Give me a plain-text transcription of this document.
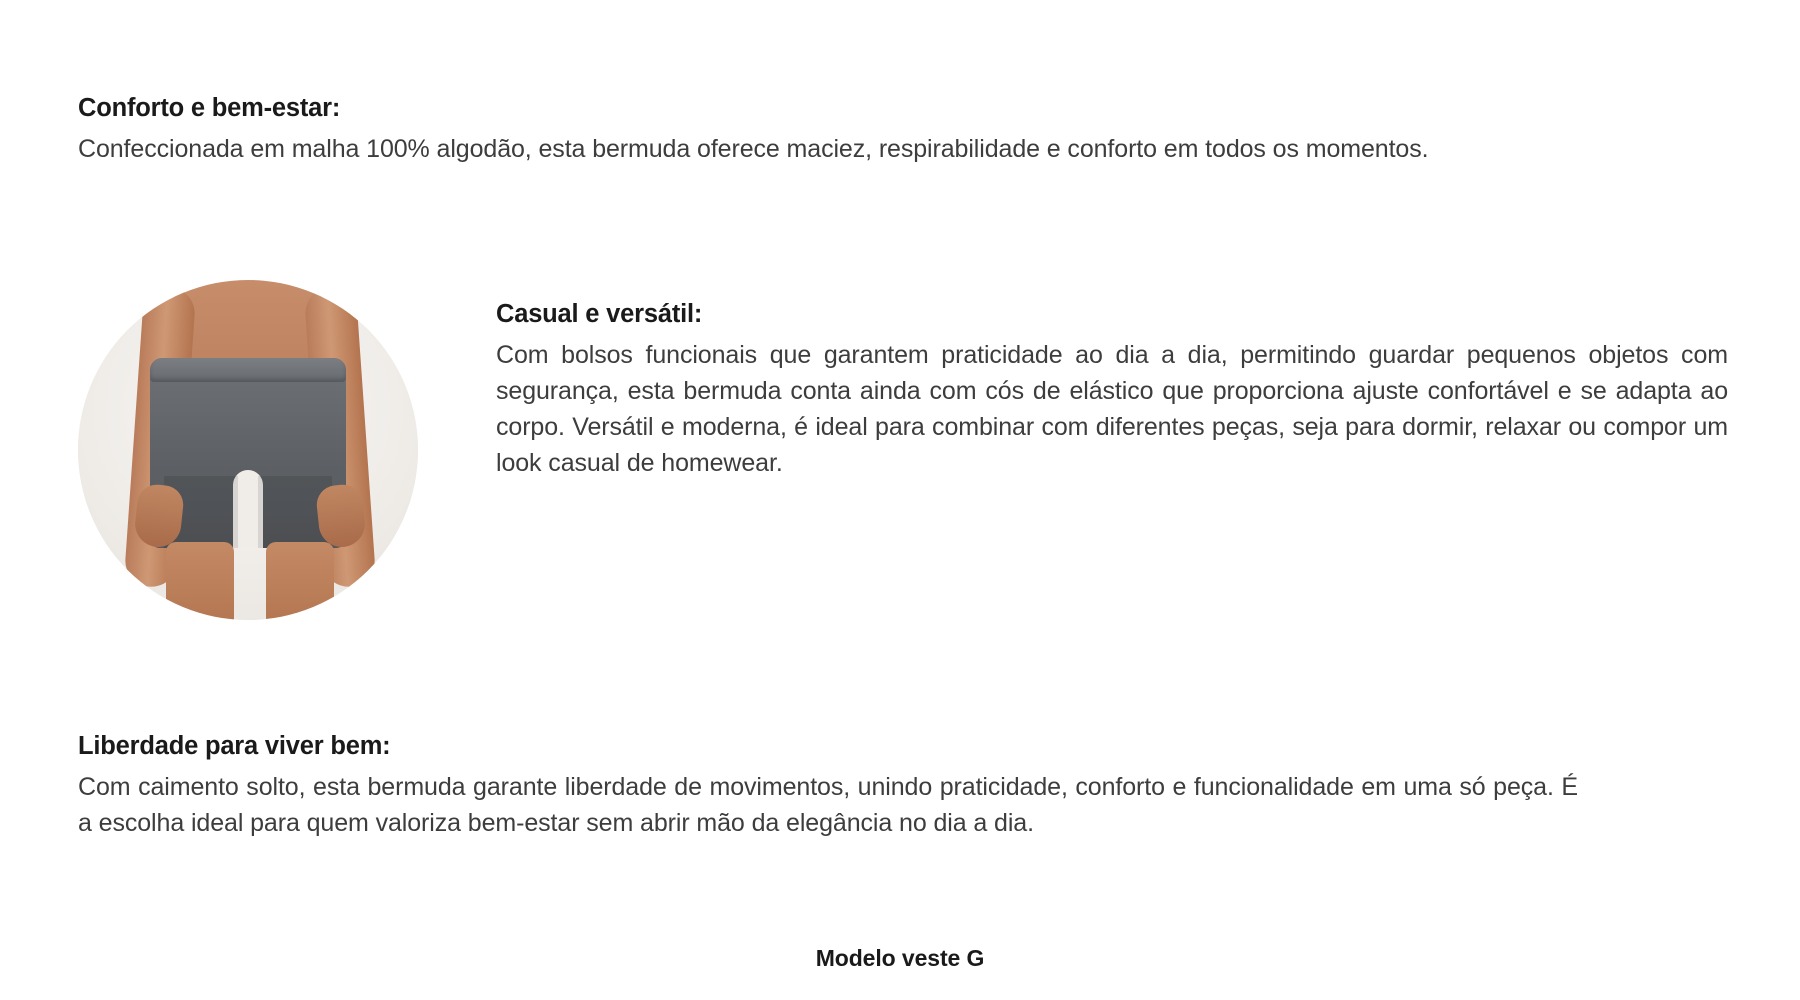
Conforto e bem-estar:

Confeccionada em malha 100% algodão, esta bermuda oferece maciez, respirabilidade e conforto em todos os momentos.

Casual e versátil:

Com bolsos funcionais que garantem praticidade ao dia a dia, permitindo guardar pequenos objetos com segurança, esta bermuda conta ainda com cós de elástico que proporciona ajuste confortável e se adapta ao corpo. Versátil e moderna, é ideal para combinar com diferentes peças, seja para dormir, relaxar ou compor um look casual de homewear.

Liberdade para viver bem:

Com caimento solto, esta bermuda garante liberdade de movimentos, unindo praticidade, conforto e funcionalidade em uma só peça. É a escolha ideal para quem valoriza bem-estar sem abrir mão da elegância no dia a dia.

Modelo veste G
